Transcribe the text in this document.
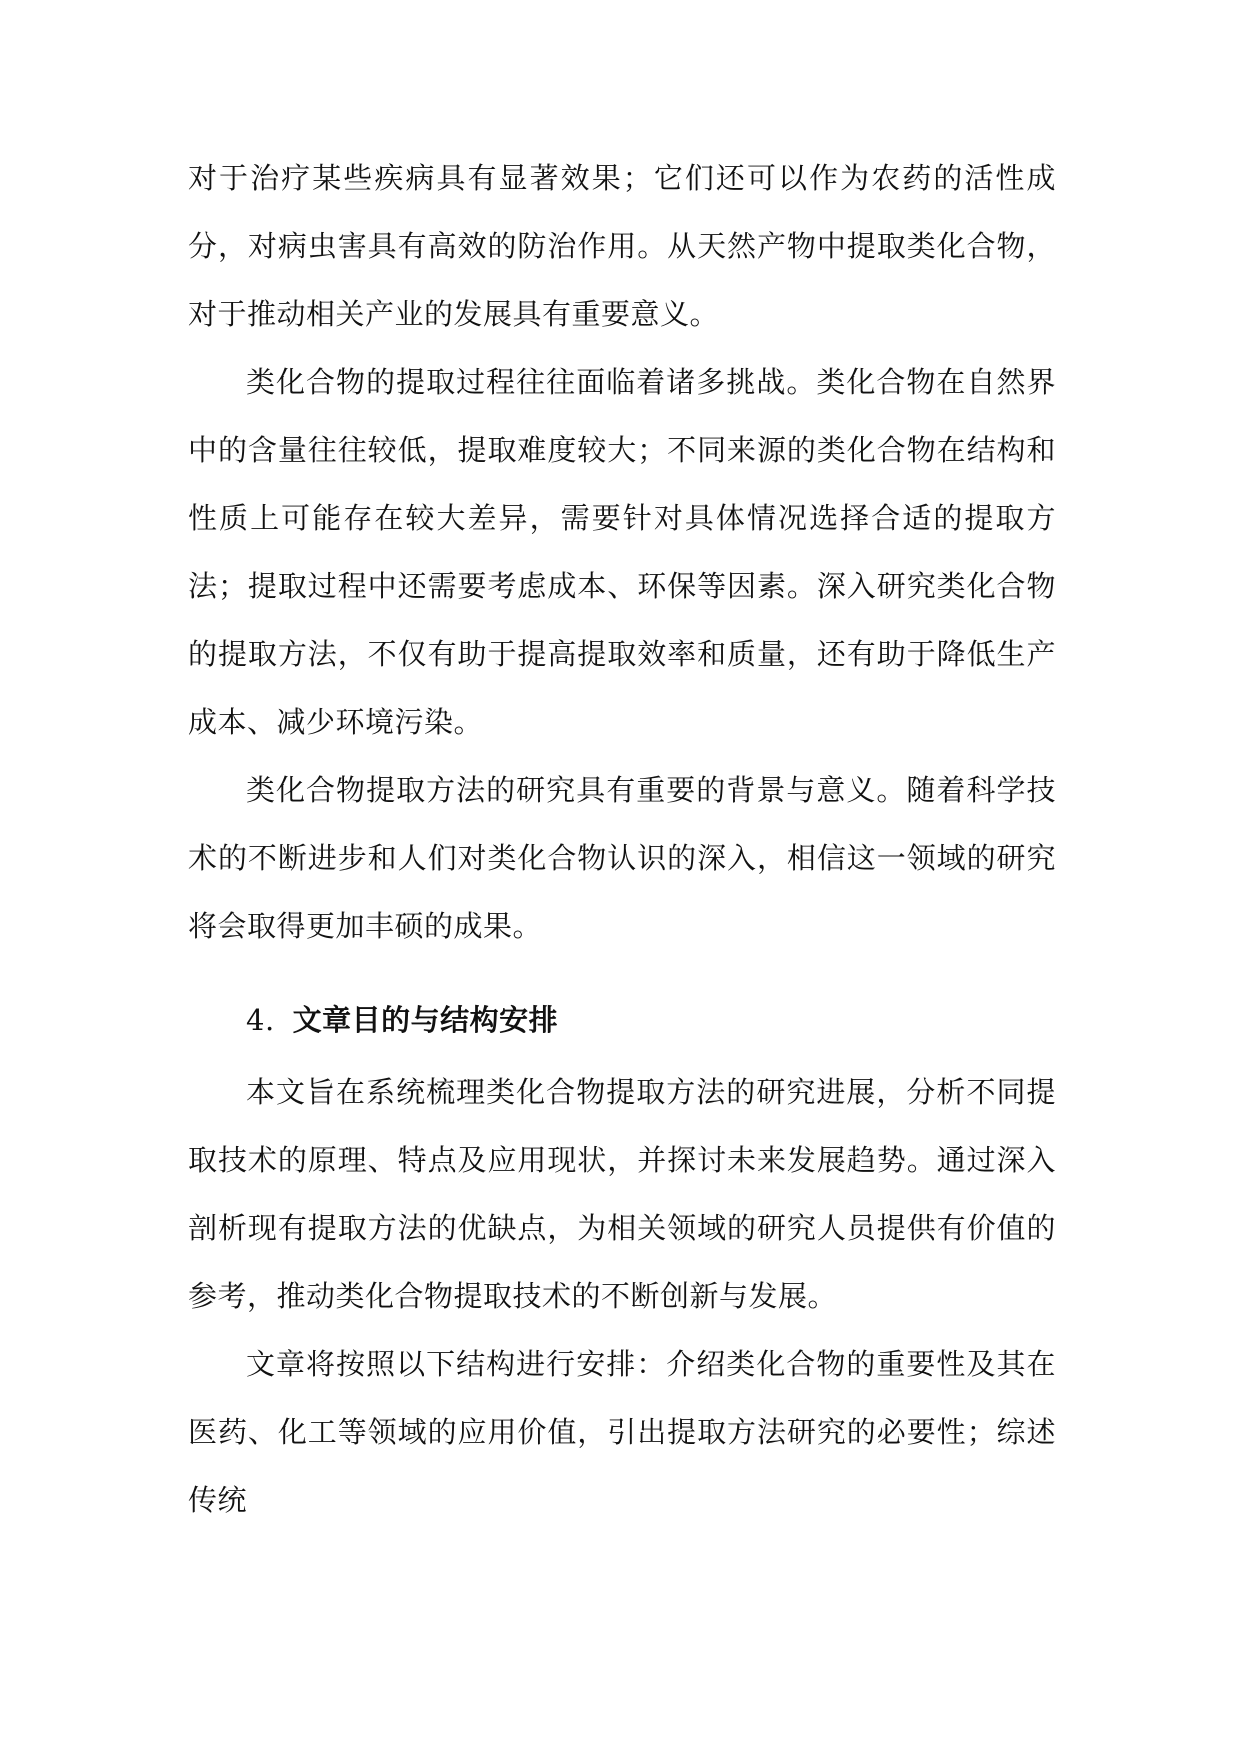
对于治疗某些疾病具有显著效果；它们还可以作为农药的活性成分，对病虫害具有高效的防治作用。从天然产物中提取类化合物，对于推动相关产业的发展具有重要意义。

类化合物的提取过程往往面临着诸多挑战。类化合物在自然界中的含量往往较低，提取难度较大；不同来源的类化合物在结构和性质上可能存在较大差异，需要针对具体情况选择合适的提取方法；提取过程中还需要考虑成本、环保等因素。深入研究类化合物的提取方法，不仅有助于提高提取效率和质量，还有助于降低生产成本、减少环境污染。

类化合物提取方法的研究具有重要的背景与意义。随着科学技术的不断进步和人们对类化合物认识的深入，相信这一领域的研究将会取得更加丰硕的成果。

4. 文章目的与结构安排

本文旨在系统梳理类化合物提取方法的研究进展，分析不同提取技术的原理、特点及应用现状，并探讨未来发展趋势。通过深入剖析现有提取方法的优缺点，为相关领域的研究人员提供有价值的参考，推动类化合物提取技术的不断创新与发展。

文章将按照以下结构进行安排：介绍类化合物的重要性及其在医药、化工等领域的应用价值，引出提取方法研究的必要性；综述传统
